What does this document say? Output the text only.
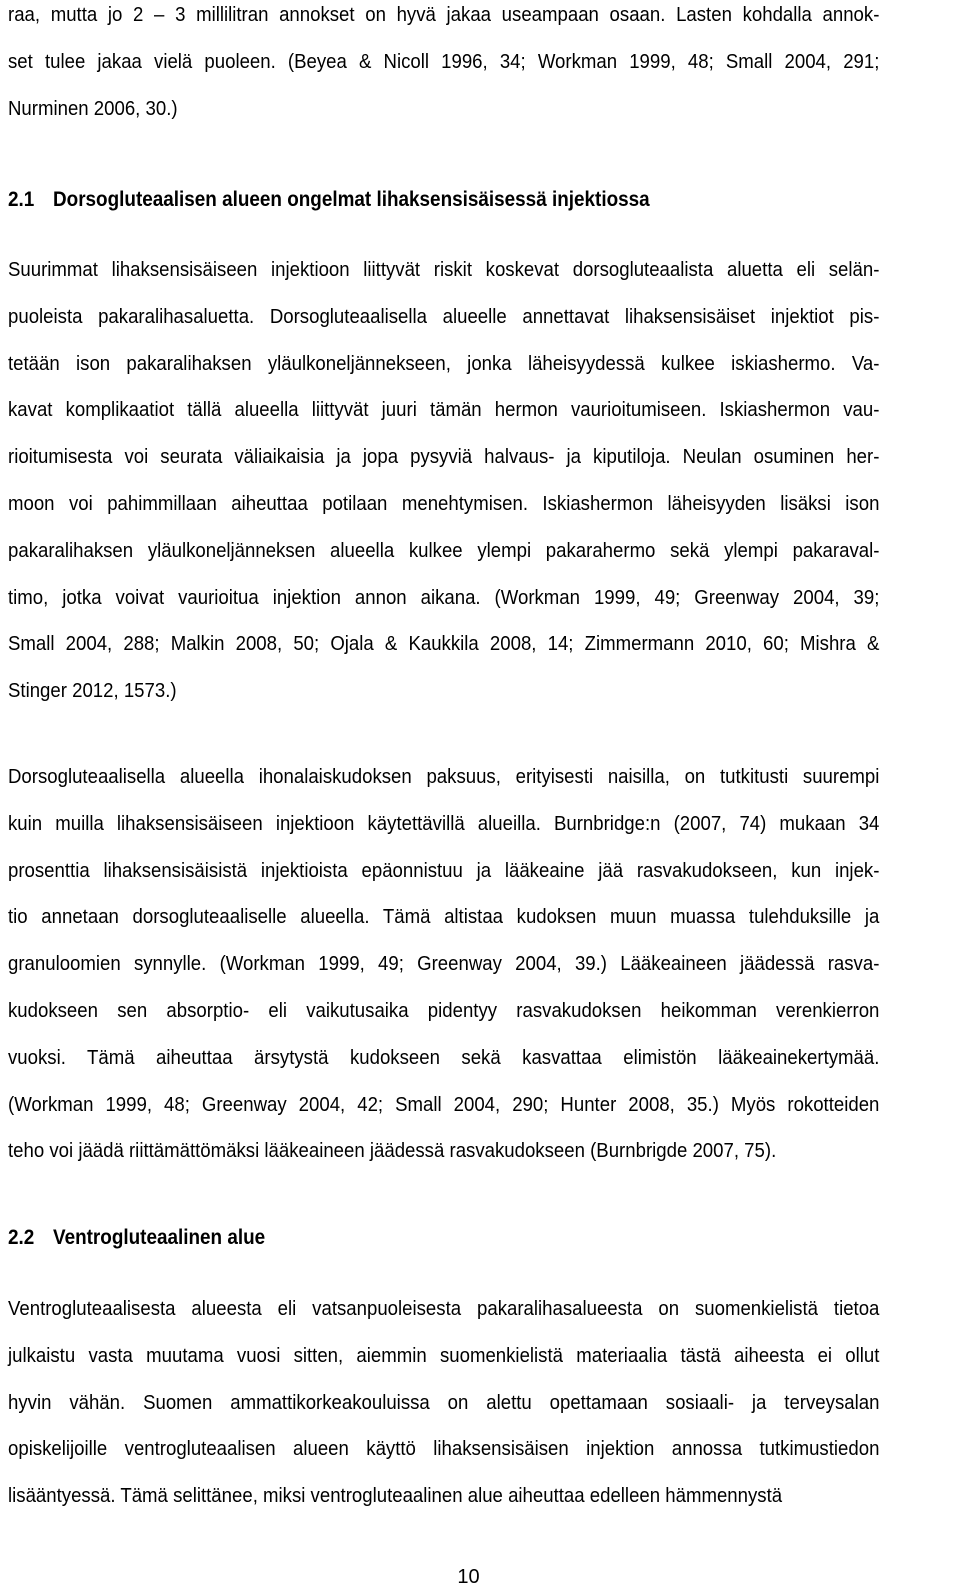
raa, mutta jo 2 – 3 millilitran annokset on hyvä jakaa useampaan osaan. Lasten kohdalla annok-
set tulee jakaa vielä puoleen. (Beyea & Nicoll 1996, 34; Workman 1999, 48; Small 2004, 291;
Nurminen 2006, 30.)
2.1 Dorsogluteaalisen alueen ongelmat lihaksensisäisessä injektiossa
Suurimmat lihaksensisäiseen injektioon liittyvät riskit koskevat dorsogluteaalista aluetta eli selän-
puoleista pakaralihasaluetta. Dorsogluteaalisella alueelle annettavat lihaksensisäiset injektiot pis-
tetään ison pakaralihaksen yläulkoneljännekseen, jonka läheisyydessä kulkee iskiashermo. Va-
kavat komplikaatiot tällä alueella liittyvät juuri tämän hermon vaurioitumiseen. Iskiashermon vau-
rioitumisesta voi seurata väliaikaisia ja jopa pysyviä halvaus- ja kiputiloja. Neulan osuminen her-
moon voi pahimmillaan aiheuttaa potilaan menehtymisen. Iskiashermon läheisyyden lisäksi ison
pakaralihaksen yläulkoneljänneksen alueella kulkee ylempi pakarahermo sekä ylempi pakaraval-
timo, jotka voivat vaurioitua injektion annon aikana. (Workman 1999, 49; Greenway 2004, 39;
Small 2004, 288; Malkin 2008, 50; Ojala & Kaukkila 2008, 14; Zimmermann 2010, 60; Mishra &
Stinger 2012, 1573.)
Dorsogluteaalisella alueella ihonalaiskudoksen paksuus, erityisesti naisilla, on tutkitusti suurempi
kuin muilla lihaksensisäiseen injektioon käytettävillä alueilla. Burnbridge:n (2007, 74) mukaan 34
prosenttia lihaksensisäisistä injektioista epäonnistuu ja lääkeaine jää rasvakudokseen, kun injek-
tio annetaan dorsogluteaaliselle alueella. Tämä altistaa kudoksen muun muassa tulehduksille ja
granuloomien synnylle. (Workman 1999, 49; Greenway 2004, 39.) Lääkeaineen jäädessä rasva-
kudokseen sen absorptio- eli vaikutusaika pidentyy rasvakudoksen heikomman verenkierron
vuoksi. Tämä aiheuttaa ärsytystä kudokseen sekä kasvattaa elimistön lääkeainekertymää.
(Workman 1999, 48; Greenway 2004, 42; Small 2004, 290; Hunter 2008, 35.) Myös rokotteiden
teho voi jäädä riittämättömäksi lääkeaineen jäädessä rasvakudokseen (Burnbrigde 2007, 75).
2.2 Ventrogluteaalinen alue
Ventrogluteaalisesta alueesta eli vatsanpuoleisesta pakaralihasalueesta on suomenkielistä tietoa
julkaistu vasta muutama vuosi sitten, aiemmin suomenkielistä materiaalia tästä aiheesta ei ollut
hyvin vähän. Suomen ammattikorkeakouluissa on alettu opettamaan sosiaali- ja terveysalan
opiskelijoille ventrogluteaalisen alueen käyttö lihaksensisäisen injektion annossa tutkimustiedon
lisääntyessä. Tämä selittänee, miksi ventrogluteaalinen alue aiheuttaa edelleen hämmennystä
10
